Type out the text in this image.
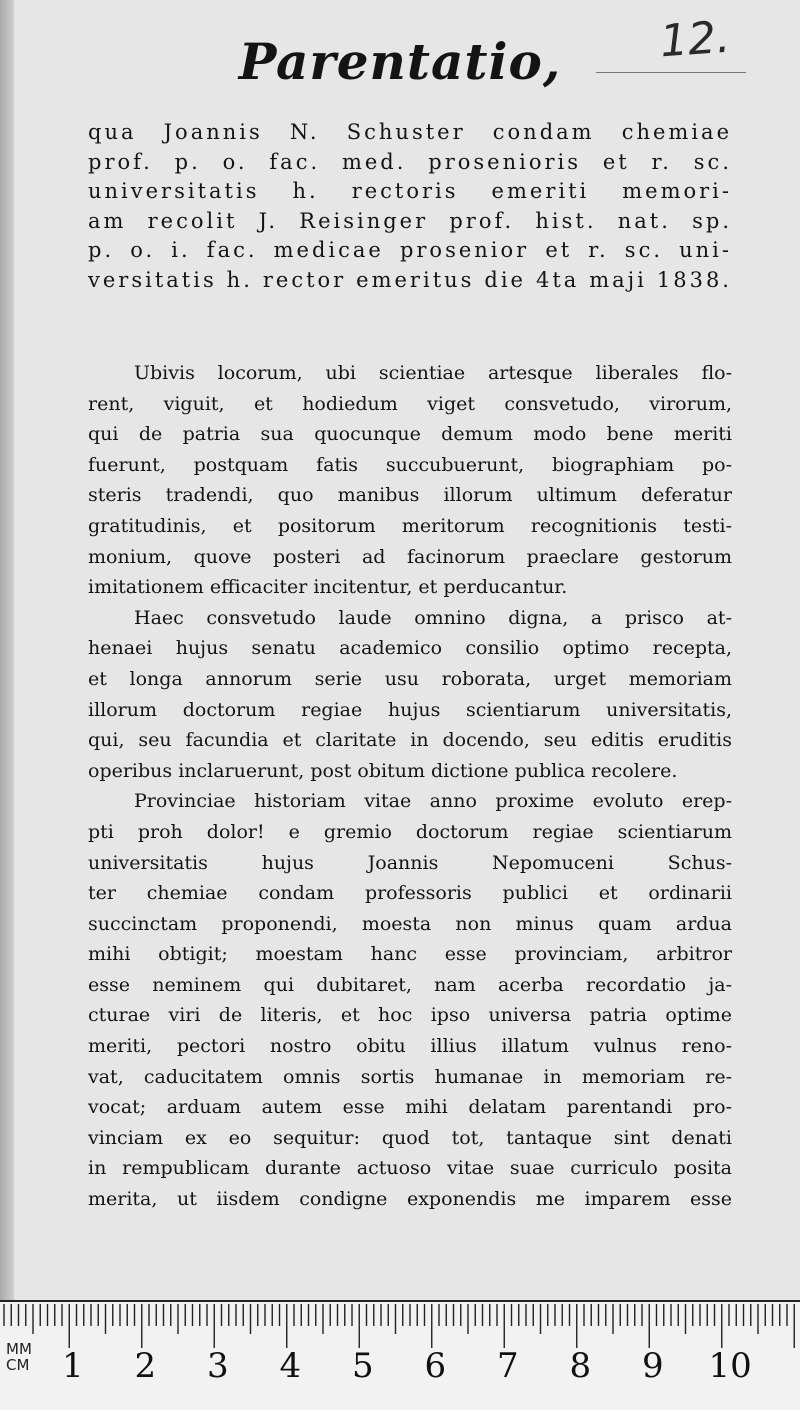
12.
Parentatio,
qua Joannis N. Schuster condam chemiae
prof. p. o. fac. med. prosenioris et r. sc.
universitatis h. rectoris emeriti memori-
am recolit J. Reisinger prof. hist. nat. sp.
p. o. i. fac. medicae prosenior et r. sc. uni-
versitatis h. rector emeritus die 4ta maji 1838.
Ubivis locorum, ubi scientiae artesque liberales flo-
rent, viguit, et hodiedum viget consvetudo, virorum,
qui de patria sua quocunque demum modo bene meriti
fuerunt, postquam fatis succubuerunt, biographiam po-
steris tradendi, quo manibus illorum ultimum deferatur
gratitudinis, et positorum meritorum recognitionis testi-
monium, quove posteri ad facinorum praeclare gestorum
imitationem efficaciter incitentur, et perducantur.
Haec consvetudo laude omnino digna, a prisco at-
henaei hujus senatu academico consilio optimo recepta,
et longa annorum serie usu roborata, urget memoriam
illorum doctorum regiae hujus scientiarum universitatis,
qui, seu facundia et claritate in docendo, seu editis eruditis
operibus inclaruerunt, post obitum dictione publica recolere.
Provinciae historiam vitae anno proxime evoluto erep-
pti proh dolor! e gremio doctorum regiae scientiarum
universitatis hujus Joannis Nepomuceni Schus-
ter chemiae condam professoris publici et ordinarii
succinctam proponendi, moesta non minus quam ardua
mihi obtigit; moestam hanc esse provinciam, arbitror
esse neminem qui dubitaret, nam acerba recordatio ja-
cturae viri de literis, et hoc ipso universa patria optime
meriti, pectori nostro obitu illius illatum vulnus reno-
vat, caducitatem omnis sortis humanae in memoriam re-
vocat; arduam autem esse mihi delatam parentandi pro-
vinciam ex eo sequitur: quod tot, tantaque sint denati
in rempublicam durante actuoso vitae suae curriculo posita
merita, ut iisdem condigne exponendis me imparem esse
MM
CM 1 2 3 4 5 6 7 8 9 10
